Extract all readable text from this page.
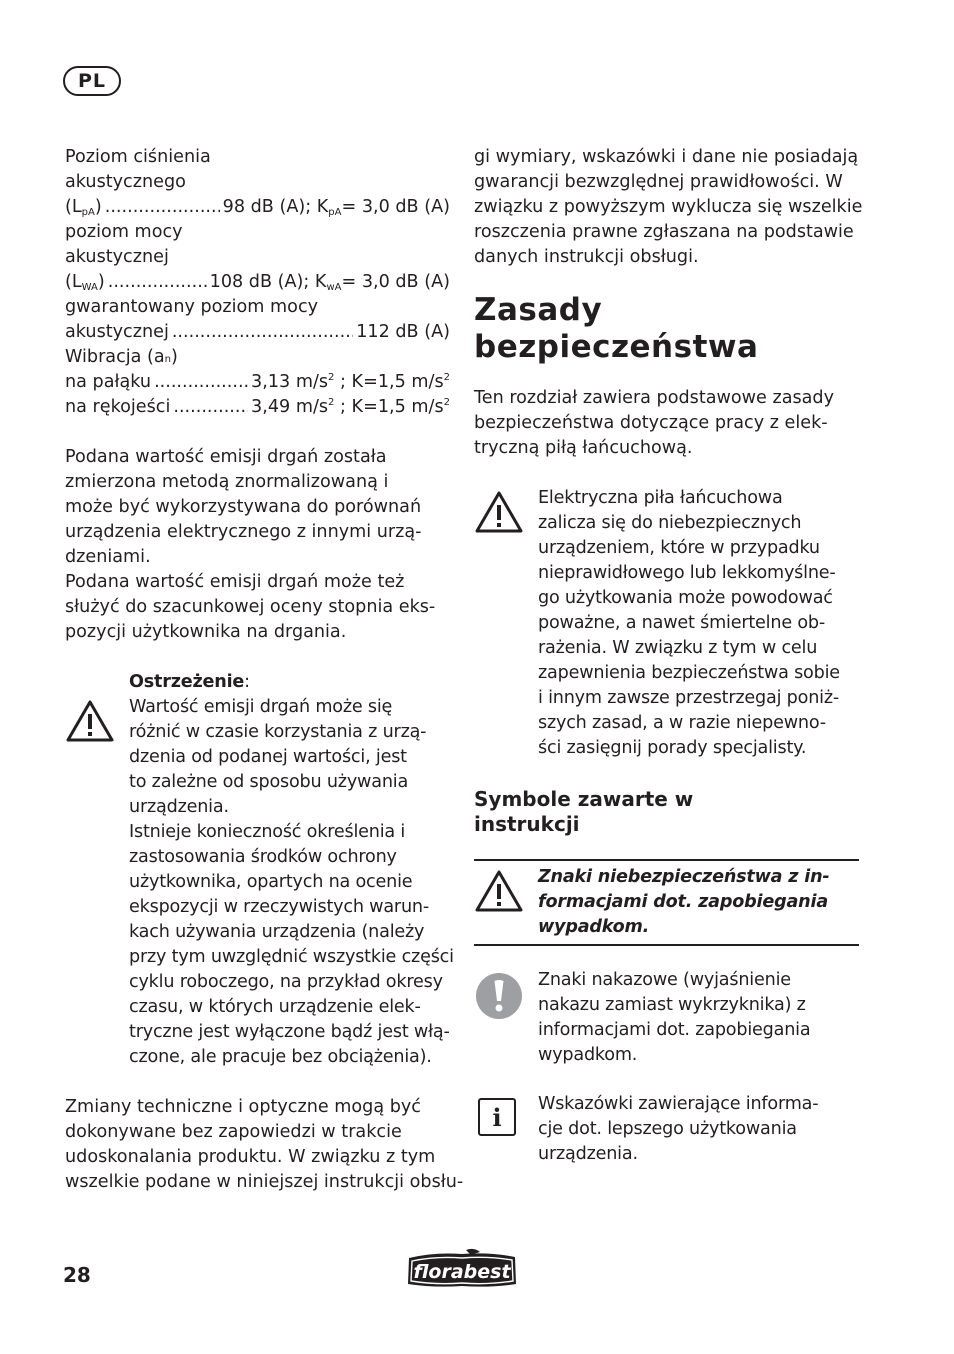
PL
Poziom ciśnienia
akustycznego
$(L_{pA})$ .....	98 dB (A); $K_{pA}= 3,0$ dB (A)
poziom mocy
akustycznej
$(L_{WA})$ .....	108 dB (A); $K_{wA}= 3,0$ dB (A)
gwarantowany poziom mocy
akustycznej .....	112 dB (A)
Wibracja (a n )
na pałąku .....	3,13 $m/s^2$ ; K=1,5 $m/s^2$
na rękojeści .....	3,49 $m/s^2$ ; K=1,5 $m/s^2$
Podana wartość emisji drgań została
zmierzona metodą znormalizowaną i
może być wykorzystywana do porównań
urządzenia elektrycznego z innymi urzą-
dzeniami.
Podana wartość emisji drgań może też
służyć do szacunkowej oceny stopnia eks-
pozycji użytkownika na drgania.
Ostrzeżenie:
Wartość emisji drgań może się
różnić w czasie korzystania z urzą-
dzenia od podanej wartości, jest
to zależne od sposobu używania
urządzenia.
Istnieje konieczność określenia i
zastosowania środków ochrony
użytkownika, opartych na ocenie
ekspozycji w rzeczywistych warun-
kach używania urządzenia (należy
przy tym uwzględnić wszystkie części
cyklu roboczego, na przykład okresy
czasu, w których urządzenie elek-
tryczne jest wyłączone bądź jest włą-
czone, ale pracuje bez obciążenia).
Zmiany techniczne i optyczne mogą być
dokonywane bez zapowiedzi w trakcie
udoskonalania produktu. W związku z tym
wszelkie podane w niniejszej instrukcji obsłu-
gi wymiary, wskazówki i dane nie posiadają
gwarancji bezwzględnej prawidłowości. W
związku z powyższym wyklucza się wszelkie
roszczenia prawne zgłaszana na podstawie
danych instrukcji obsługi.
Zasady
bezpieczeństwa
Ten rozdział zawiera podstawowe zasady
bezpieczeństwa dotyczące pracy z elek-
tryczną piłą łańcuchową.
Elektryczna piła łańcuchowa
zalicza się do niebezpiecznych
urządzeniem, które w przypadku
nieprawidłowego lub lekkomyślne-
go użytkowania może powodować
poważne, a nawet śmiertelne ob-
rażenia. W związku z tym w celu
zapewnienia bezpieczeństwa sobie
i innym zawsze przestrzegaj poniż-
szych zasad, a w razie niepewno-
ści zasięgnij porady specjalisty.
Symbole zawarte w
instrukcji
Znaki niebezpieczeństwa z in-
formacjami dot. zapobiegania
wypadkom.
Znaki nakazowe (wyjaśnienie
nakazu zamiast wykrzyknika) z
informacjami dot. zapobiegania
wypadkom.
i	Wskazówki zawierające informa-
cje dot. lepszego użytkowania
urządzenia.
28	florabest
